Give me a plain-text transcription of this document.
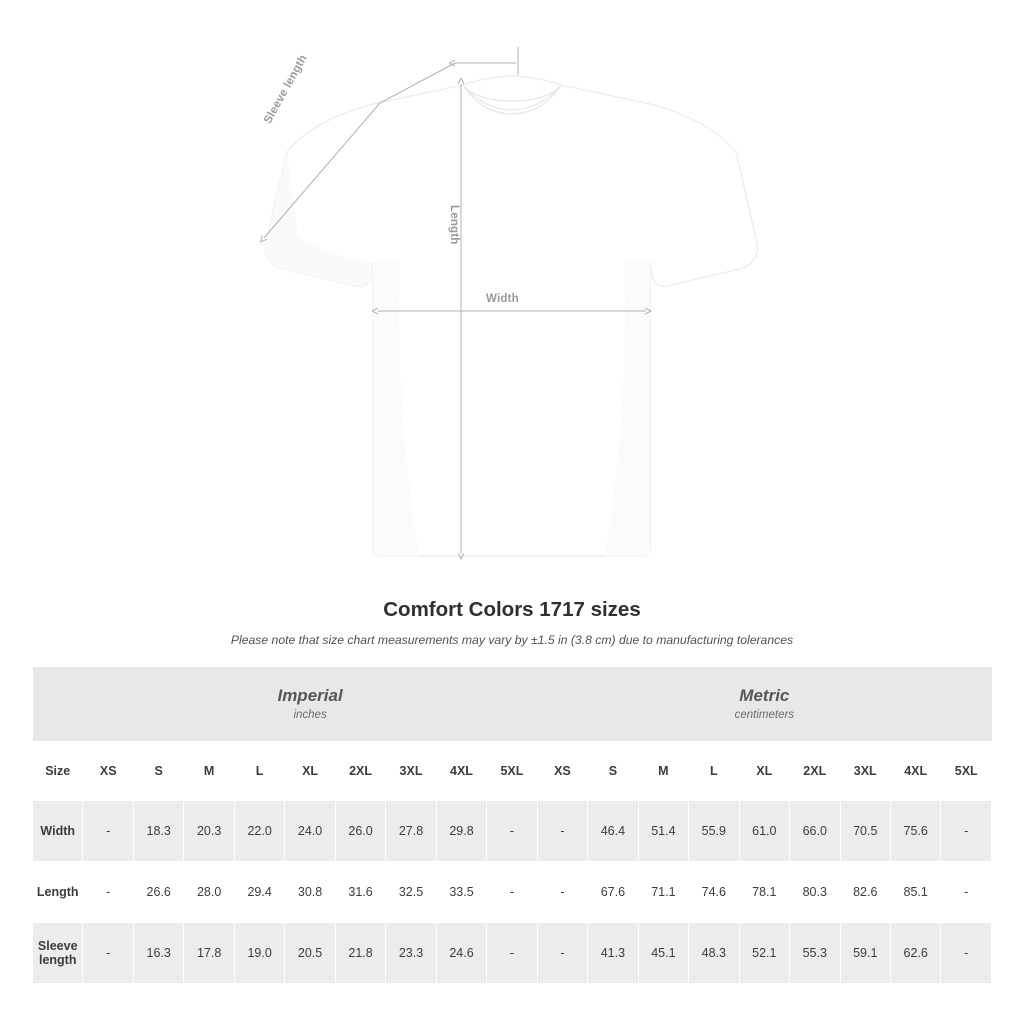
Sleeve length
Length
Width
Comfort Colors 1717 sizes

Please note that size chart measurements may vary by ±1.5 in (3.8 cm) due to manufacturing tolerances

	Imperial
inches									Metric
centimeters								

Size	XS	S	M	L	XL	2XL	3XL	4XL	5XL	XS	S	M	L	XL	2XL	3XL	4XL	5XL
Width	-	18.3	20.3	22.0	24.0	26.0	27.8	29.8	-	-	46.4	51.4	55.9	61.0	66.0	70.5	75.6	-
Length	-	26.6	28.0	29.4	30.8	31.6	32.5	33.5	-	-	67.6	71.1	74.6	78.1	80.3	82.6	85.1	-
Sleeve length	-	16.3	17.8	19.0	20.5	21.8	23.3	24.6	-	-	41.3	45.1	48.3	52.1	55.3	59.1	62.6	-
